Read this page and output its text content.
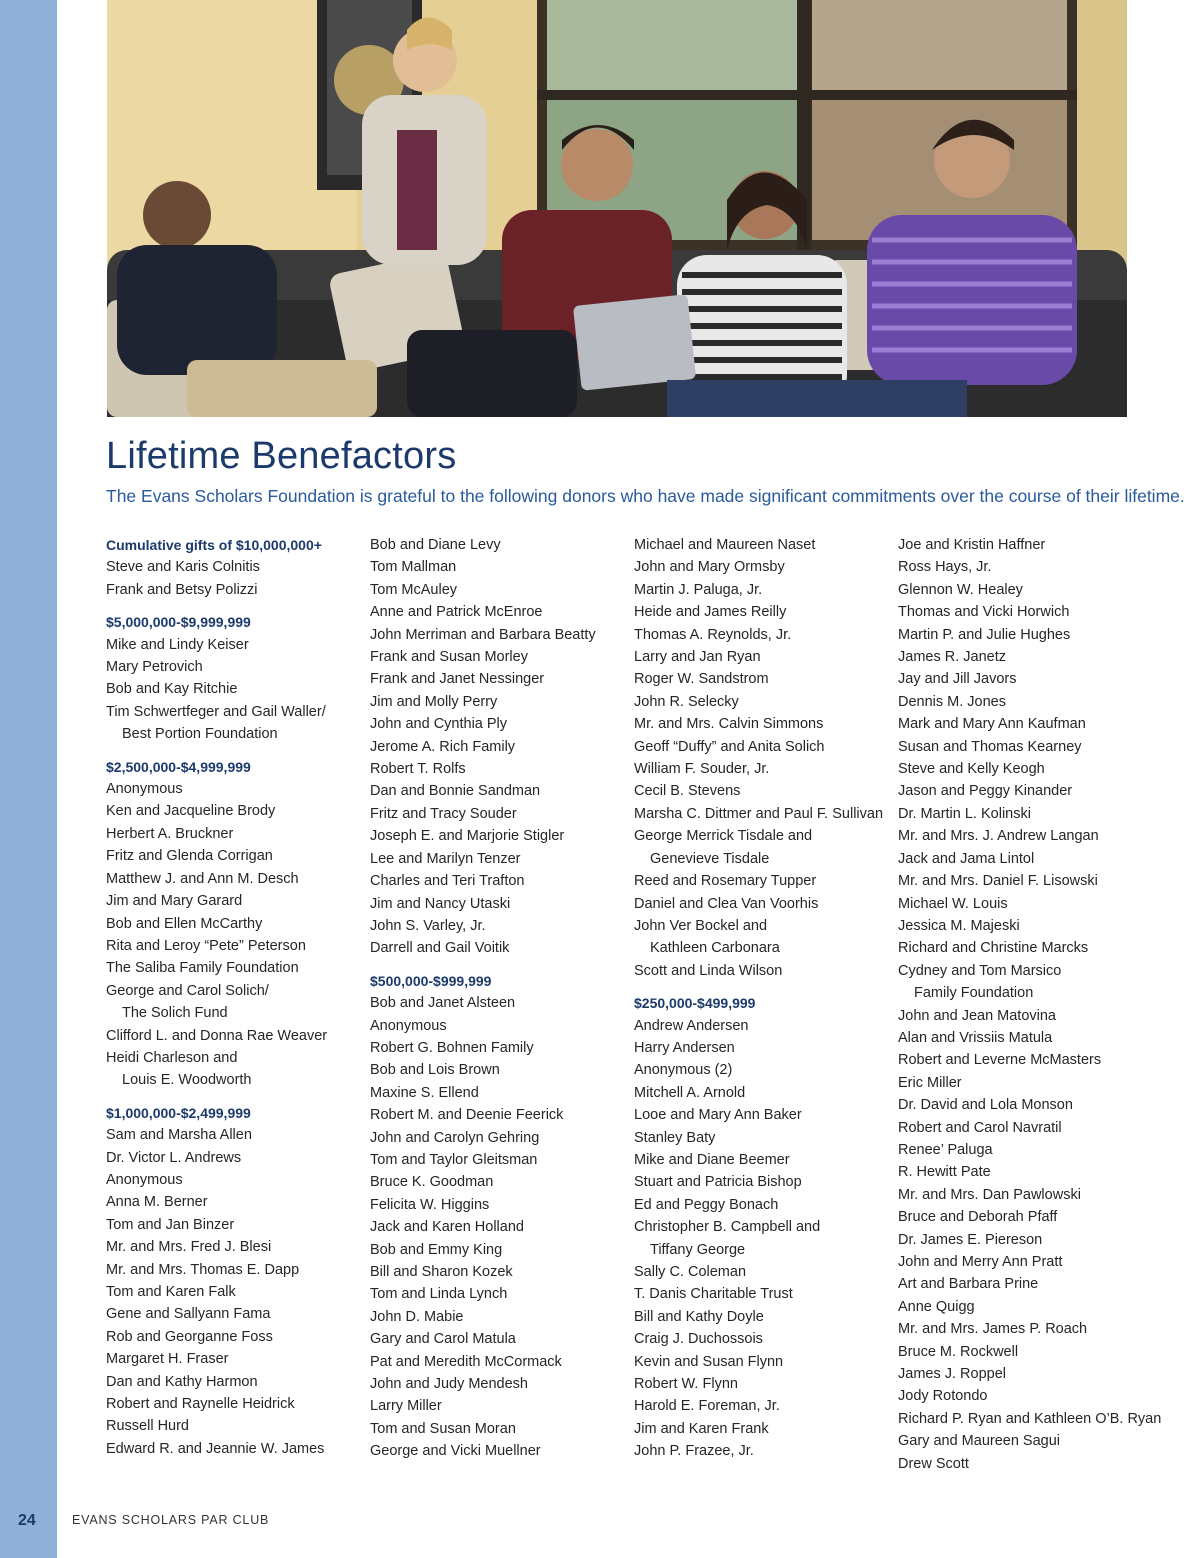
Lifetime Benefactors

The Evans Scholars Foundation is grateful to the following donors who have made significant commitments over the course of their lifetime.

Cumulative gifts of $10,000,000+
Steve and Karis Colnitis
Frank and Betsy Polizzi
$5,000,000-$9,999,999
Mike and Lindy Keiser
Mary Petrovich
Bob and Kay Ritchie
Tim Schwertfeger and Gail Waller/
Best Portion Foundation
$2,500,000-$4,999,999
Anonymous
Ken and Jacqueline Brody
Herbert A. Bruckner
Fritz and Glenda Corrigan
Matthew J. and Ann M. Desch
Jim and Mary Garard
Bob and Ellen McCarthy
Rita and Leroy “Pete” Peterson
The Saliba Family Foundation
George and Carol Solich/
The Solich Fund
Clifford L. and Donna Rae Weaver
Heidi Charleson and
Louis E. Woodworth
$1,000,000-$2,499,999
Sam and Marsha Allen
Dr. Victor L. Andrews
Anonymous
Anna M. Berner
Tom and Jan Binzer
Mr. and Mrs. Fred J. Blesi
Mr. and Mrs. Thomas E. Dapp
Tom and Karen Falk
Gene and Sallyann Fama
Rob and Georganne Foss
Margaret H. Fraser
Dan and Kathy Harmon
Robert and Raynelle Heidrick
Russell Hurd
Edward R. and Jeannie W. James
Bob and Diane Levy
Tom Mallman
Tom McAuley
Anne and Patrick McEnroe
John Merriman and Barbara Beatty
Frank and Susan Morley
Frank and Janet Nessinger
Jim and Molly Perry
John and Cynthia Ply
Jerome A. Rich Family
Robert T. Rolfs
Dan and Bonnie Sandman
Fritz and Tracy Souder
Joseph E. and Marjorie Stigler
Lee and Marilyn Tenzer
Charles and Teri Trafton
Jim and Nancy Utaski
John S. Varley, Jr.
Darrell and Gail Voitik
$500,000-$999,999
Bob and Janet Alsteen
Anonymous
Robert G. Bohnen Family
Bob and Lois Brown
Maxine S. Ellend
Robert M. and Deenie Feerick
John and Carolyn Gehring
Tom and Taylor Gleitsman
Bruce K. Goodman
Felicita W. Higgins
Jack and Karen Holland
Bob and Emmy King
Bill and Sharon Kozek
Tom and Linda Lynch
John D. Mabie
Gary and Carol Matula
Pat and Meredith McCormack
John and Judy Mendesh
Larry Miller
Tom and Susan Moran
George and Vicki Muellner
Michael and Maureen Naset
John and Mary Ormsby
Martin J. Paluga, Jr.
Heide and James Reilly
Thomas A. Reynolds, Jr.
Larry and Jan Ryan
Roger W. Sandstrom
John R. Selecky
Mr. and Mrs. Calvin Simmons
Geoff “Duffy” and Anita Solich
William F. Souder, Jr.
Cecil B. Stevens
Marsha C. Dittmer and Paul F. Sullivan
George Merrick Tisdale and
Genevieve Tisdale
Reed and Rosemary Tupper
Daniel and Clea Van Voorhis
John Ver Bockel and
Kathleen Carbonara
Scott and Linda Wilson
$250,000-$499,999
Andrew Andersen
Harry Andersen
Anonymous (2)
Mitchell A. Arnold
Looe and Mary Ann Baker
Stanley Baty
Mike and Diane Beemer
Stuart and Patricia Bishop
Ed and Peggy Bonach
Christopher B. Campbell and
Tiffany George
Sally C. Coleman
T. Danis Charitable Trust
Bill and Kathy Doyle
Craig J. Duchossois
Kevin and Susan Flynn
Robert W. Flynn
Harold E. Foreman, Jr.
Jim and Karen Frank
John P. Frazee, Jr.
Joe and Kristin Haffner
Ross Hays, Jr.
Glennon W. Healey
Thomas and Vicki Horwich
Martin P. and Julie Hughes
James R. Janetz
Jay and Jill Javors
Dennis M. Jones
Mark and Mary Ann Kaufman
Susan and Thomas Kearney
Steve and Kelly Keogh
Jason and Peggy Kinander
Dr. Martin L. Kolinski
Mr. and Mrs. J. Andrew Langan
Jack and Jama Lintol
Mr. and Mrs. Daniel F. Lisowski
Michael W. Louis
Jessica M. Majeski
Richard and Christine Marcks
Cydney and Tom Marsico
Family Foundation
John and Jean Matovina
Alan and Vrissiis Matula
Robert and Leverne McMasters
Eric Miller
Dr. David and Lola Monson
Robert and Carol Navratil
Renee’ Paluga
R. Hewitt Pate
Mr. and Mrs. Dan Pawlowski
Bruce and Deborah Pfaff
Dr. James E. Piereson
John and Merry Ann Pratt
Art and Barbara Prine
Anne Quigg
Mr. and Mrs. James P. Roach
Bruce M. Rockwell
James J. Roppel
Jody Rotondo
Richard P. Ryan and Kathleen O’B. Ryan
Gary and Maureen Sagui
Drew Scott
24	EVANS SCHOLARS PAR CLUB
